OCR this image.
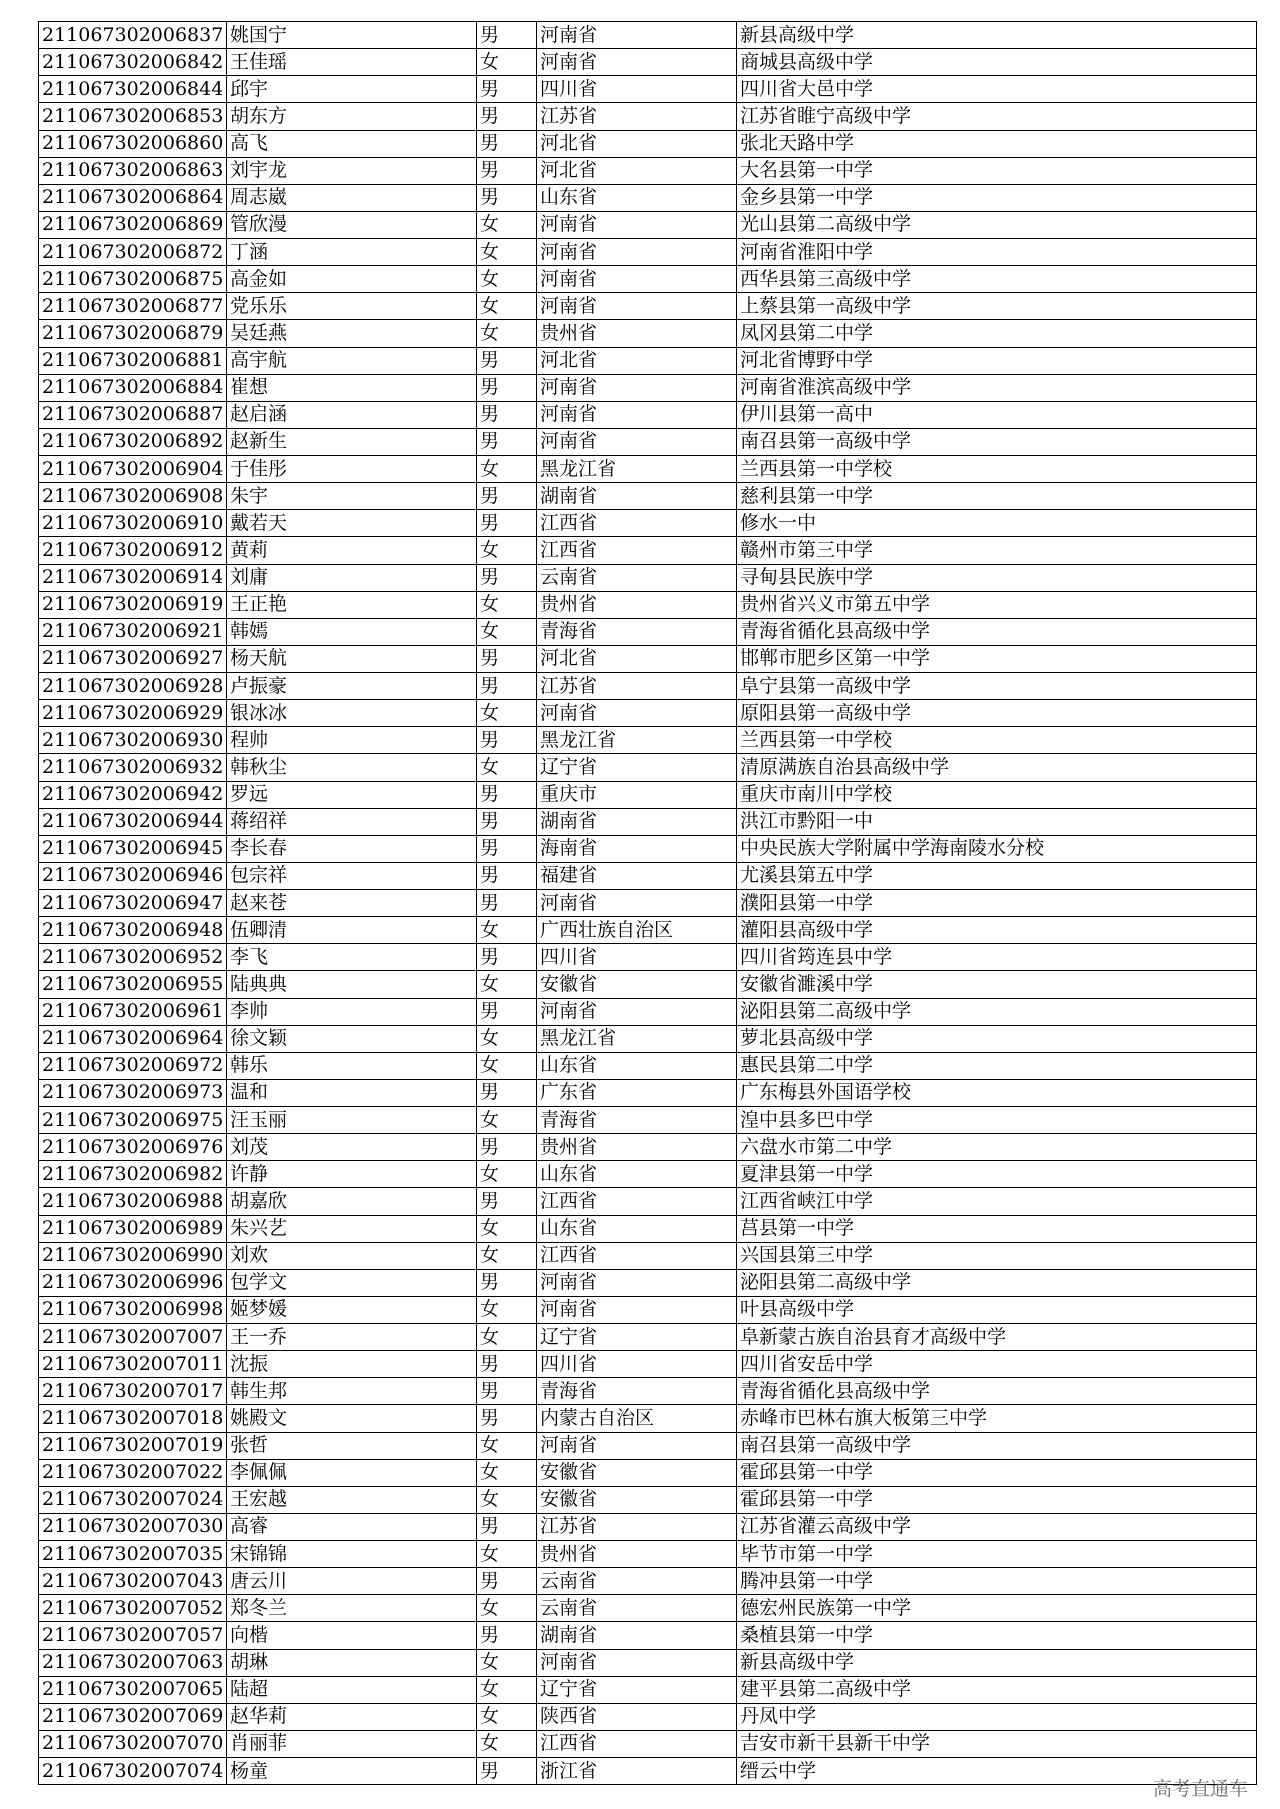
211067302006837	姚国宁	男	河南省	新县高级中学
211067302006842	王佳瑶	女	河南省	商城县高级中学
211067302006844	邱宇	男	四川省	四川省大邑中学
211067302006853	胡东方	男	江苏省	江苏省睢宁高级中学
211067302006860	高飞	男	河北省	张北天路中学
211067302006863	刘宇龙	男	河北省	大名县第一中学
211067302006864	周志崴	男	山东省	金乡县第一中学
211067302006869	管欣漫	女	河南省	光山县第二高级中学
211067302006872	丁涵	女	河南省	河南省淮阳中学
211067302006875	高金如	女	河南省	西华县第三高级中学
211067302006877	党乐乐	女	河南省	上蔡县第一高级中学
211067302006879	吴廷燕	女	贵州省	凤冈县第二中学
211067302006881	高宇航	男	河北省	河北省博野中学
211067302006884	崔想	男	河南省	河南省淮滨高级中学
211067302006887	赵启涵	男	河南省	伊川县第一高中
211067302006892	赵新生	男	河南省	南召县第一高级中学
211067302006904	于佳彤	女	黑龙江省	兰西县第一中学校
211067302006908	朱宇	男	湖南省	慈利县第一中学
211067302006910	戴若天	男	江西省	修水一中
211067302006912	黄莉	女	江西省	赣州市第三中学
211067302006914	刘庸	男	云南省	寻甸县民族中学
211067302006919	王正艳	女	贵州省	贵州省兴义市第五中学
211067302006921	韩嫣	女	青海省	青海省循化县高级中学
211067302006927	杨天航	男	河北省	邯郸市肥乡区第一中学
211067302006928	卢振豪	男	江苏省	阜宁县第一高级中学
211067302006929	银冰冰	女	河南省	原阳县第一高级中学
211067302006930	程帅	男	黑龙江省	兰西县第一中学校
211067302006932	韩秋尘	女	辽宁省	清原满族自治县高级中学
211067302006942	罗远	男	重庆市	重庆市南川中学校
211067302006944	蒋绍祥	男	湖南省	洪江市黔阳一中
211067302006945	李长春	男	海南省	中央民族大学附属中学海南陵水分校
211067302006946	包宗祥	男	福建省	尤溪县第五中学
211067302006947	赵来苍	男	河南省	濮阳县第一中学
211067302006948	伍卿清	女	广西壮族自治区	灌阳县高级中学
211067302006952	李飞	男	四川省	四川省筠连县中学
211067302006955	陆典典	女	安徽省	安徽省濉溪中学
211067302006961	李帅	男	河南省	泌阳县第二高级中学
211067302006964	徐文颖	女	黑龙江省	萝北县高级中学
211067302006972	韩乐	女	山东省	惠民县第二中学
211067302006973	温和	男	广东省	广东梅县外国语学校
211067302006975	汪玉丽	女	青海省	湟中县多巴中学
211067302006976	刘茂	男	贵州省	六盘水市第二中学
211067302006982	许静	女	山东省	夏津县第一中学
211067302006988	胡嘉欣	男	江西省	江西省峡江中学
211067302006989	朱兴艺	女	山东省	莒县第一中学
211067302006990	刘欢	女	江西省	兴国县第三中学
211067302006996	包学文	男	河南省	泌阳县第二高级中学
211067302006998	姬梦媛	女	河南省	叶县高级中学
211067302007007	王一乔	女	辽宁省	阜新蒙古族自治县育才高级中学
211067302007011	沈振	男	四川省	四川省安岳中学
211067302007017	韩生邦	男	青海省	青海省循化县高级中学
211067302007018	姚殿文	男	内蒙古自治区	赤峰市巴林右旗大板第三中学
211067302007019	张哲	女	河南省	南召县第一高级中学
211067302007022	李佩佩	女	安徽省	霍邱县第一中学
211067302007024	王宏越	女	安徽省	霍邱县第一中学
211067302007030	高睿	男	江苏省	江苏省灌云高级中学
211067302007035	宋锦锦	女	贵州省	毕节市第一中学
211067302007043	唐云川	男	云南省	腾冲县第一中学
211067302007052	郑冬兰	女	云南省	德宏州民族第一中学
211067302007057	向楷	男	湖南省	桑植县第一中学
211067302007063	胡琳	女	河南省	新县高级中学
211067302007065	陆超	女	辽宁省	建平县第二高级中学
211067302007069	赵华莉	女	陕西省	丹凤中学
211067302007070	肖丽菲	女	江西省	吉安市新干县新干中学
211067302007074	杨童	男	浙江省	缙云中学
高考直通车
